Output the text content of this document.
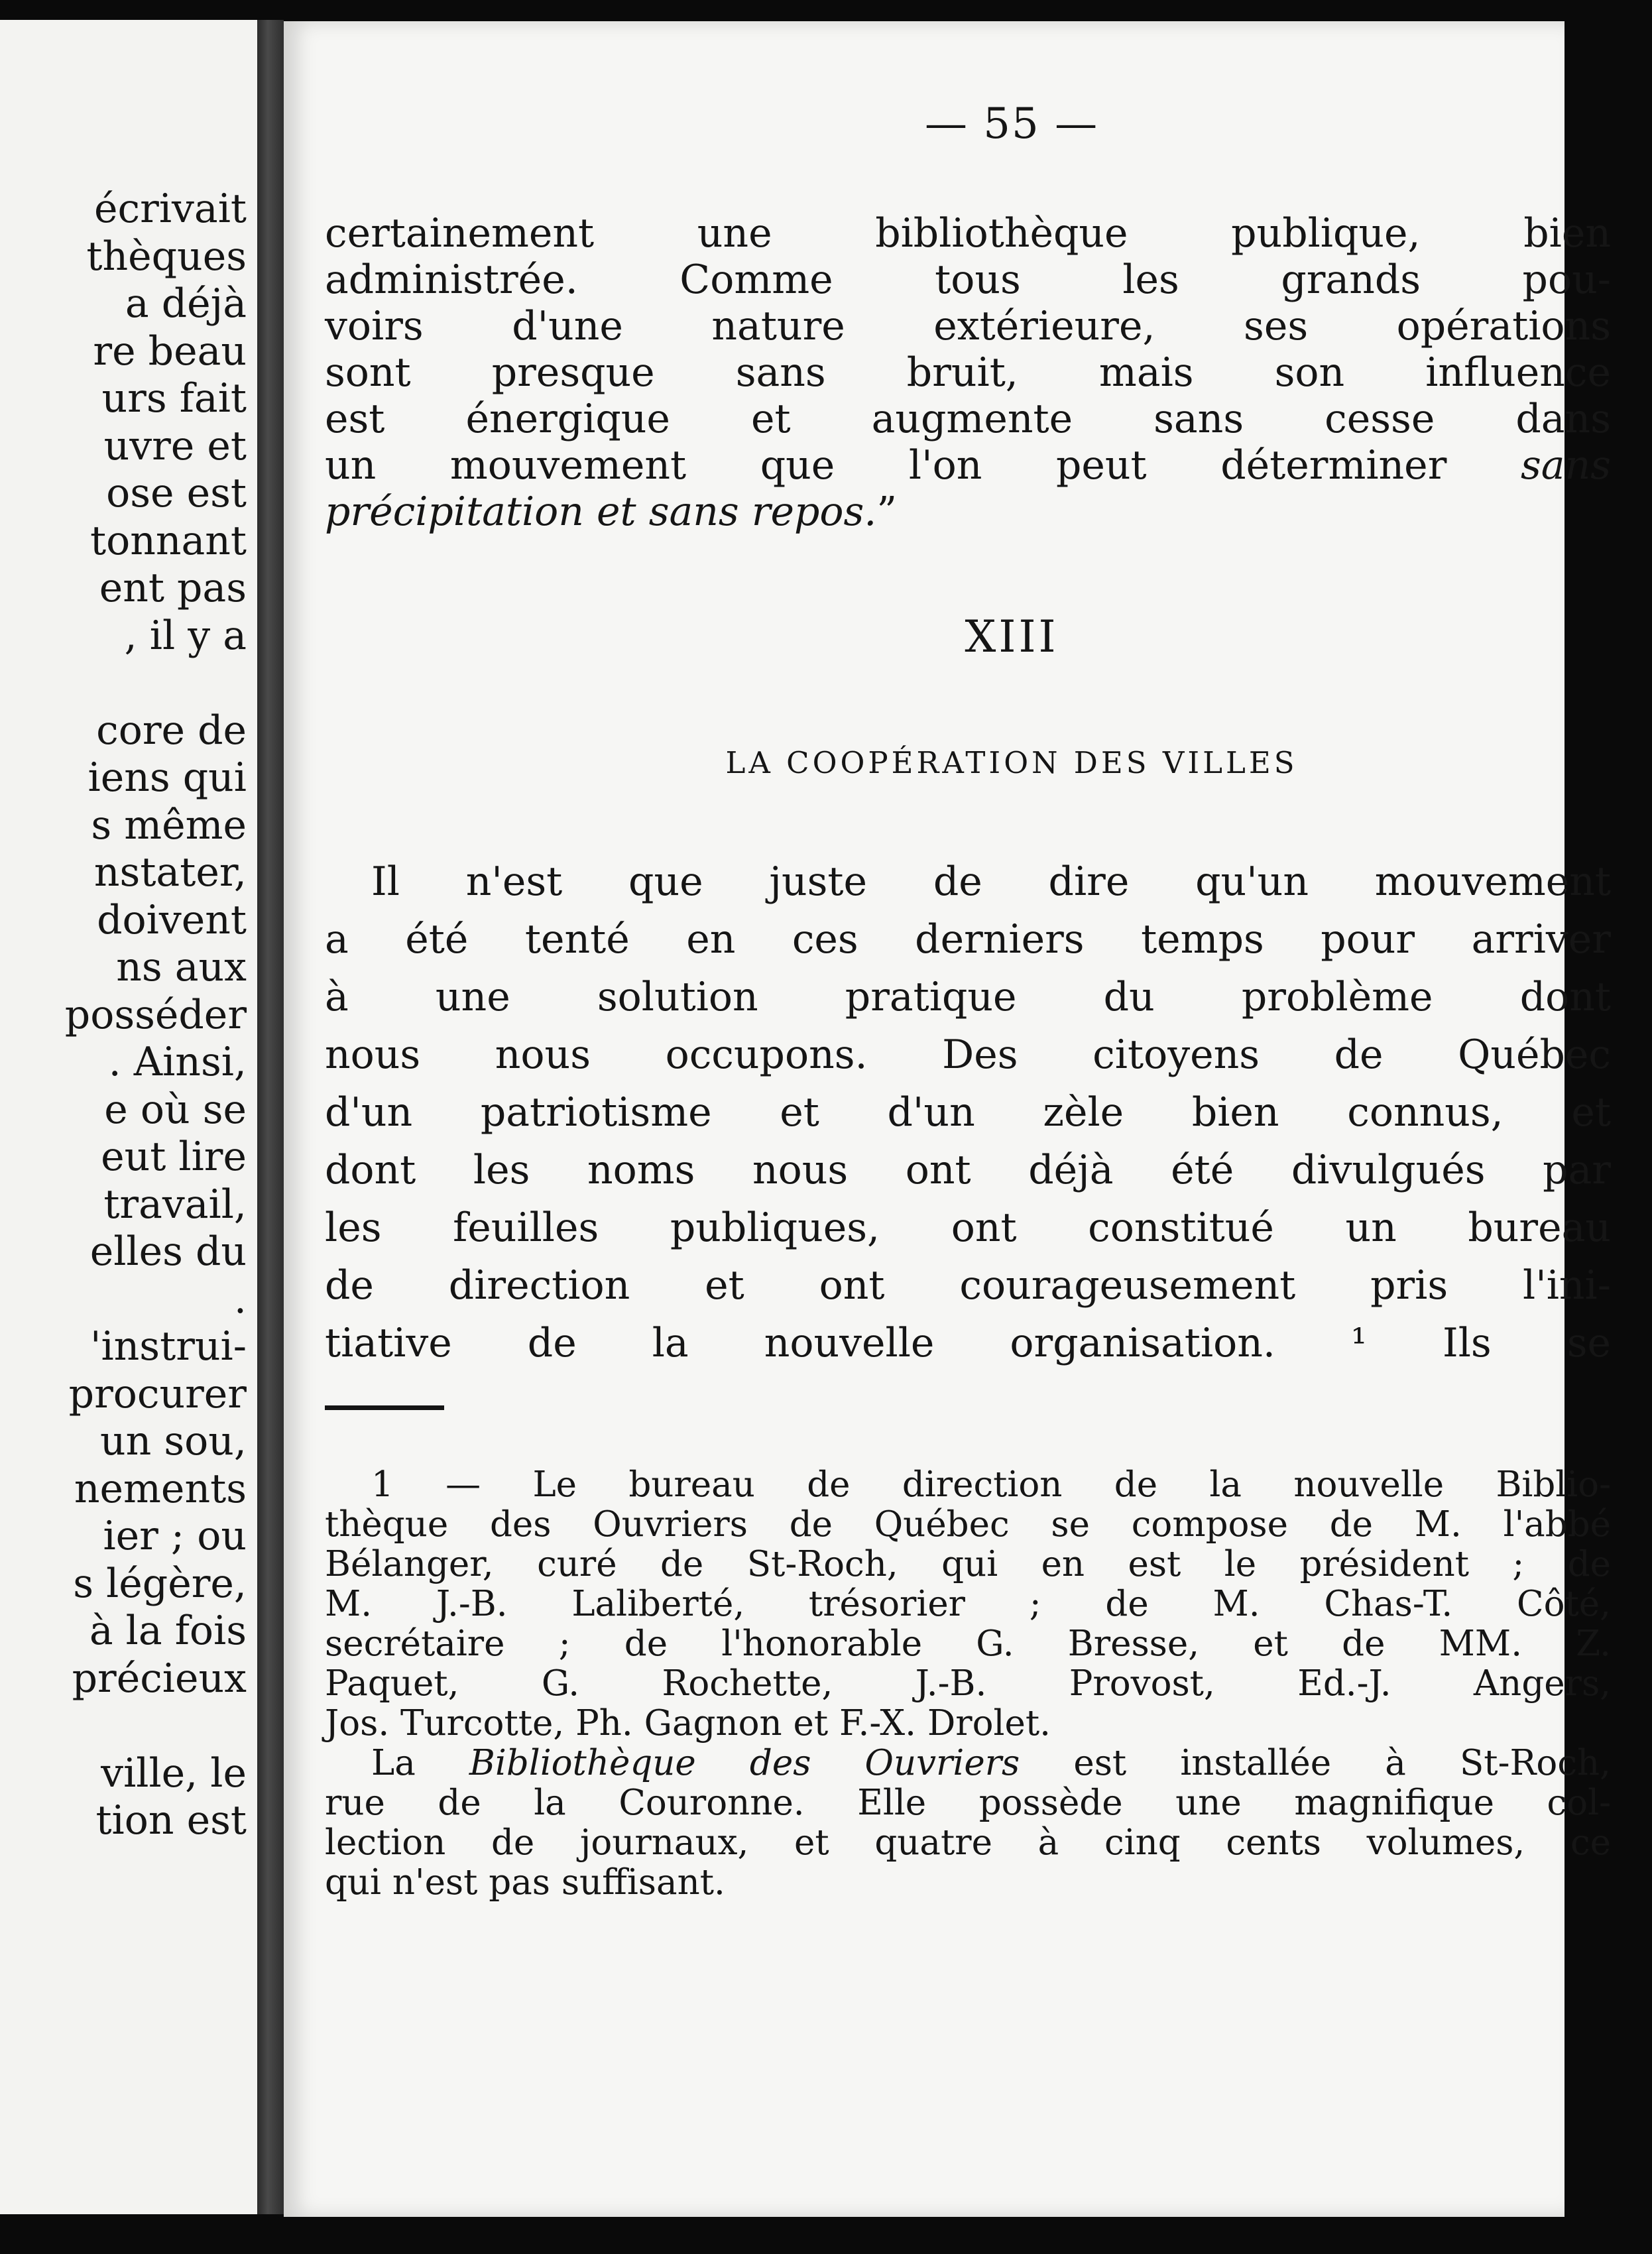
écrivait
thèques
a déjà
re beau
urs fait
uvre et
ose est
tonnant
ent pas
, il y a

core de
iens qui
s même
nstater,
doivent
ns aux
posséder
. Ainsi,
e où se
eut lire
travail,
elles du
.
'instrui-
procurer
un sou,
nements
ier ; ou
s légère,
à la fois
précieux

ville, le
tion est
— 55 —
certainement une bibliothèque publique, bien
administrée. Comme tous les grands pou-
voirs d'une nature extérieure, ses opérations
sont presque sans bruit, mais son influence
est énergique et augmente sans cesse dans
un mouvement que l'on peut déterminer sans
précipitation et sans repos.”
XIII
LA COOPÉRATION DES VILLES
Il n'est que juste de dire qu'un mouvement
a été tenté en ces derniers temps pour arriver
à une solution pratique du problème dont
nous nous occupons. Des citoyens de Québec
d'un patriotisme et d'un zèle bien connus, et
dont les noms nous ont déjà été divulgués par
les feuilles publiques, ont constitué un bureau
de direction et ont courageusement pris l'ini-
tiative de la nouvelle organisation. ¹ Ils se
1 — Le bureau de direction de la nouvelle Biblio-
thèque des Ouvriers de Québec se compose de M. l'abbé
Bélanger, curé de St-Roch, qui en est le président ; de
M. J.-B. Laliberté, trésorier ; de M. Chas-T. Côté,
secrétaire ; de l'honorable G. Bresse, et de MM. Z.
Paquet, G. Rochette, J.-B. Provost, Ed.-J. Angers,
Jos. Turcotte, Ph. Gagnon et F.-X. Drolet.
La Bibliothèque des Ouvriers est installée à St-Roch,
rue de la Couronne. Elle possède une magnifique col-
lection de journaux, et quatre à cinq cents volumes, ce
qui n'est pas suffisant.
